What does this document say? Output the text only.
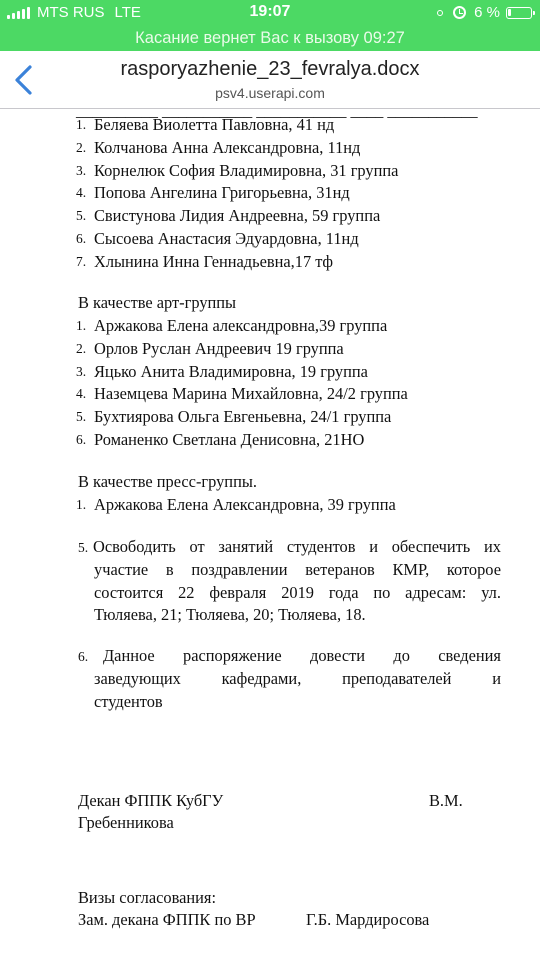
MTS RUS LTE	19:07	6 %
Касание вернет Вас к вызову 09:27
rasporyazhenie_23_fevralya.docx
psv4.userapi.com
__________ ___________ ___________ ____ ___________
1. Беляева Виолетта Павловна, 41 нд
2. Колчанова Анна Александровна, 11нд
3. Корнелюк София Владимировна, 31 группа
4. Попова Ангелина Григорьевна, 31нд
5. Свистунова Лидия Андреевна, 59 группа
6. Сысоева Анастасия Эдуардовна, 11нд
7. Хлынина Инна Геннадьевна,17 тф
В качестве арт-группы
1. Аржакова Елена александровна,39 группа
2. Орлов Руслан Андреевич 19 группа
3. Яцько Анита Владимировна, 19 группа
4. Наземцева Марина Михайловна, 24/2 группа
5. Бухтиярова Ольга Евгеньевна, 24/1 группа
6. Романенко Светлана Денисовна, 21НО
В качестве пресс-группы.
1. Аржакова Елена Александровна, 39 группа
5. Освободить от занятий студентов и обеспечить их
участие в поздравлении ветеранов КМР, которое
состоится 22 февраля 2019 года по адресам: ул.
Тюляева, 21; Тюляева, 20; Тюляева, 18.
6. Данное распоряжение довести до сведения
заведующих кафедрами, преподавателей и
студентов
Декан ФППК КубГУ	В.М.
Гребенникова
Визы согласования:
Зам. декана ФППК по ВР	Г.Б. Мардиросова
